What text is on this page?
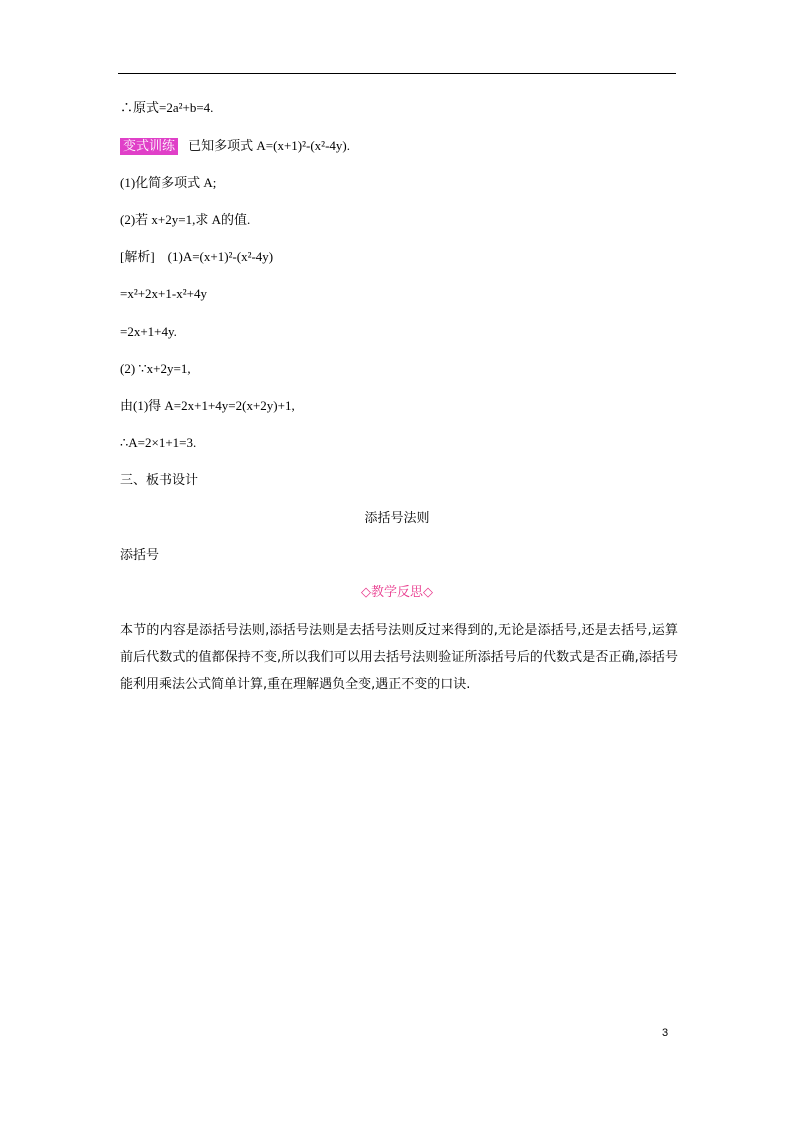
∴原式=2a²+b=4.
变式训练 已知多项式 A=(x+1)²-(x²-4y).
(1)化简多项式 A;
(2)若 x+2y=1,求 A的值.
[解析]　(1)A=(x+1)²-(x²-4y)
=x²+2x+1-x²+4y
=2x+1+4y.
(2) ∵x+2y=1,
由(1)得 A=2x+1+4y=2(x+2y)+1,
∴A=2×1+1=3.
三、板书设计
添括号法则
添括号
◇教学反思◇
本节的内容是添括号法则,添括号法则是去括号法则反过来得到的,无论是添括号,还是去括号,运算前后代数式的值都保持不变,所以我们可以用去括号法则验证所添括号后的代数式是否正确,添括号能利用乘法公式简单计算,重在理解遇负全变,遇正不变的口诀.
3
